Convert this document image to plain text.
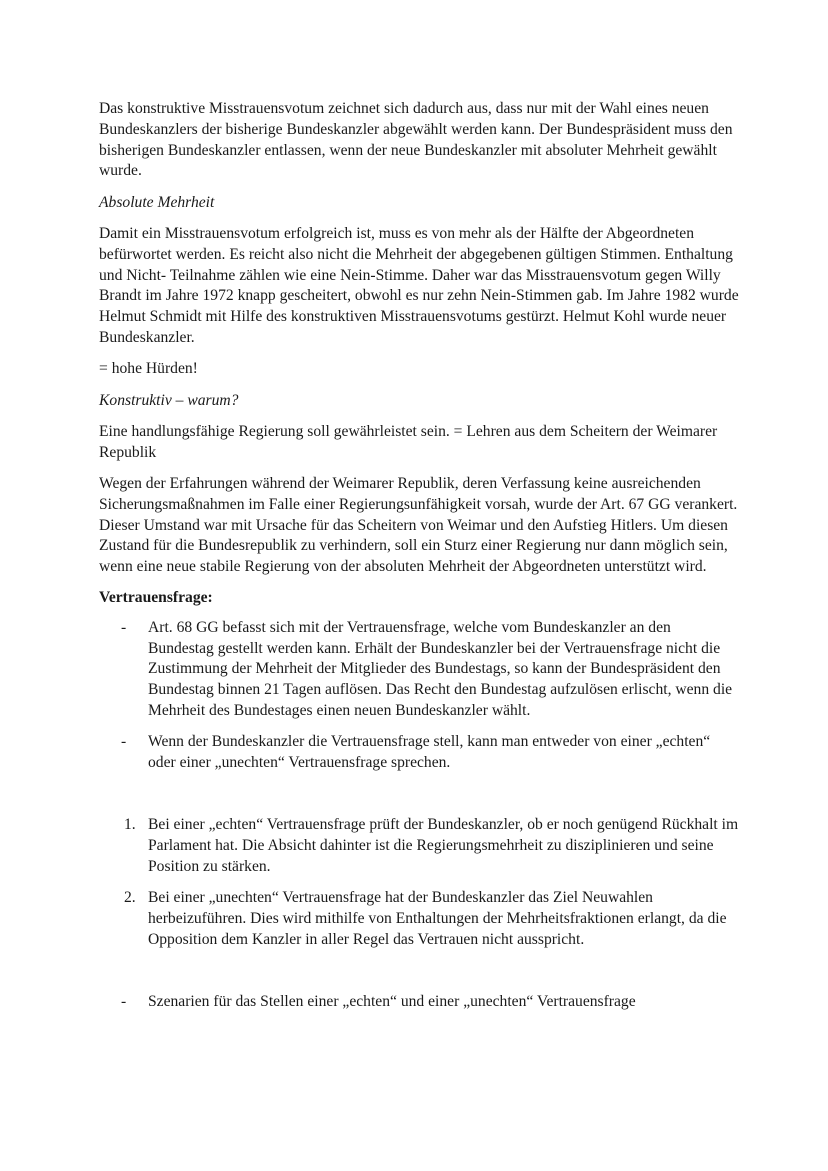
Das konstruktive Misstrauensvotum zeichnet sich dadurch aus, dass nur mit der Wahl eines neuen Bundeskanzlers der bisherige Bundeskanzler abgewählt werden kann. Der Bundespräsident muss den bisherigen Bundeskanzler entlassen, wenn der neue Bundeskanzler mit absoluter Mehrheit gewählt wurde.

Absolute Mehrheit

Damit ein Misstrauensvotum erfolgreich ist, muss es von mehr als der Hälfte der Abgeordneten befürwortet werden. Es reicht also nicht die Mehrheit der abgegebenen gültigen Stimmen. Enthaltung und Nicht- Teilnahme zählen wie eine Nein-Stimme. Daher war das Misstrauensvotum gegen Willy Brandt im Jahre 1972 knapp gescheitert, obwohl es nur zehn Nein-Stimmen gab. Im Jahre 1982 wurde Helmut Schmidt mit Hilfe des konstruktiven Misstrauensvotums gestürzt. Helmut Kohl wurde neuer Bundeskanzler.

= hohe Hürden!

Konstruktiv – warum?

Eine handlungsfähige Regierung soll gewährleistet sein. = Lehren aus dem Scheitern der Weimarer Republik

Wegen der Erfahrungen während der Weimarer Republik, deren Verfassung keine ausreichenden Sicherungsmaßnahmen im Falle einer Regierungsunfähigkeit vorsah, wurde der Art. 67 GG verankert. Dieser Umstand war mit Ursache für das Scheitern von Weimar und den Aufstieg Hitlers. Um diesen Zustand für die Bundesrepublik zu verhindern, soll ein Sturz einer Regierung nur dann möglich sein, wenn eine neue stabile Regierung von der absoluten Mehrheit der Abgeordneten unterstützt wird.

Vertrauensfrage:

- Art. 68 GG befasst sich mit der Vertrauensfrage, welche vom Bundeskanzler an den Bundestag gestellt werden kann. Erhält der Bundeskanzler bei der Vertrauensfrage nicht die Zustimmung der Mehrheit der Mitglieder des Bundestags, so kann der Bundespräsident den Bundestag binnen 21 Tagen auflösen. Das Recht den Bundestag aufzulösen erlischt, wenn die Mehrheit des Bundestages einen neuen Bundeskanzler wählt.
- Wenn der Bundeskanzler die Vertrauensfrage stell, kann man entweder von einer „echten“ oder einer „unechten“ Vertrauensfrage sprechen.
1. Bei einer „echten“ Vertrauensfrage prüft der Bundeskanzler, ob er noch genügend Rückhalt im Parlament hat. Die Absicht dahinter ist die Regierungsmehrheit zu disziplinieren und seine Position zu stärken.
2. Bei einer „unechten“ Vertrauensfrage hat der Bundeskanzler das Ziel Neuwahlen herbeizuführen. Dies wird mithilfe von Enthaltungen der Mehrheitsfraktionen erlangt, da die Opposition dem Kanzler in aller Regel das Vertrauen nicht ausspricht.
- Szenarien für das Stellen einer „echten“ und einer „unechten“ Vertrauensfrage
